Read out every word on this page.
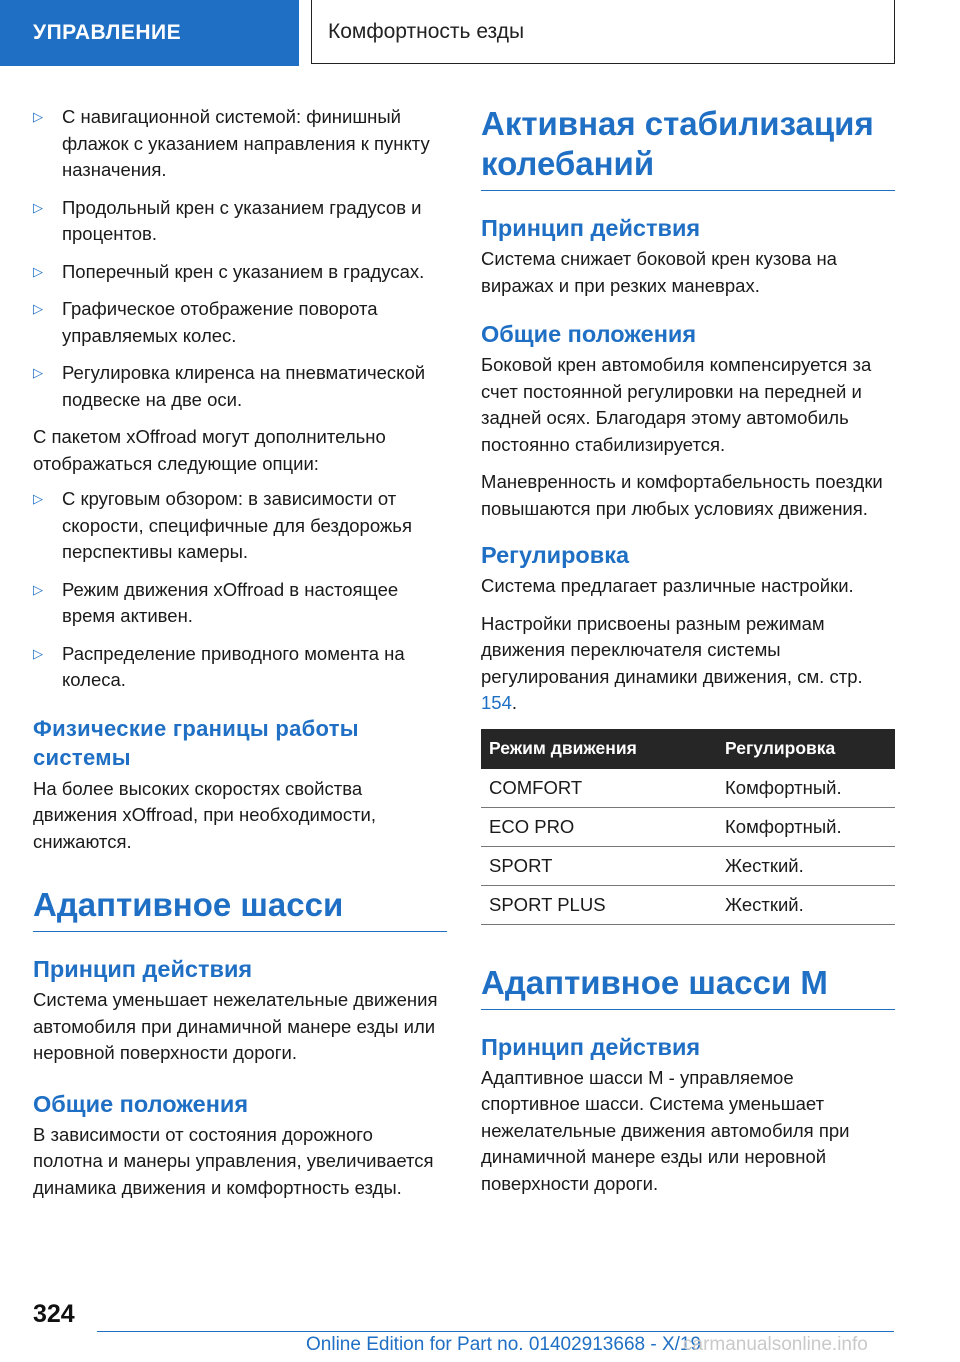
УПРАВЛЕНИЕ	Комфортность езды
▷ С навигационной системой: финишный флажок с указанием направления к пункту назначения.
▷ Продольный крен с указанием градусов и процентов.
▷ Поперечный крен с указанием в градусах.
▷ Графическое отображение поворота управляемых колес.
▷ Регулировка клиренса на пневматической подвеске на две оси.

С пакетом xOffroad могут дополнительно отображаться следующие опции:

▷ С круговым обзором: в зависимости от скорости, специфичные для бездорожья перспективы камеры.
▷ Режим движения xOffroad в настоящее время активен.
▷ Распределение приводного момента на колеса.
Физические границы работы системы

На более высоких скоростях свойства движения xOffroad, при необходимости, снижаются.

Адаптивное шасси
Принцип действия

Система уменьшает нежелательные движения автомобиля при динамичной манере езды или неровной поверхности дороги.

Общие положения

В зависимости от состояния дорожного полотна и манеры управления, увеличивается динамика движения и комфортность езды.

Активная стабилизация колебаний
Принцип действия

Система снижает боковой крен кузова на виражах и при резких маневрах.

Общие положения

Боковой крен автомобиля компенсируется за счет постоянной регулировки на передней и задней осях. Благодаря этому автомобиль постоянно стабилизируется.

Маневренность и комфортабельность поездки повышаются при любых условиях движения.

Регулировка

Система предлагает различные настройки.

Настройки присвоены разным режимам движения переключателя системы регулирования динамики движения, см. стр. 154.

Режим движения	Регулировка
COMFORT	Комфортный.
ECO PRO	Комфортный.
SPORT	Жесткий.
SPORT PLUS	Жесткий.
Адаптивное шасси M
Принцип действия

Адаптивное шасси M - управляемое спортивное шасси. Система уменьшает нежелательные движения автомобиля при динамичной манере езды или неровной поверхности дороги.

324
Online Edition for Part no. 01402913668 - X/19
carmanualsonline.info
